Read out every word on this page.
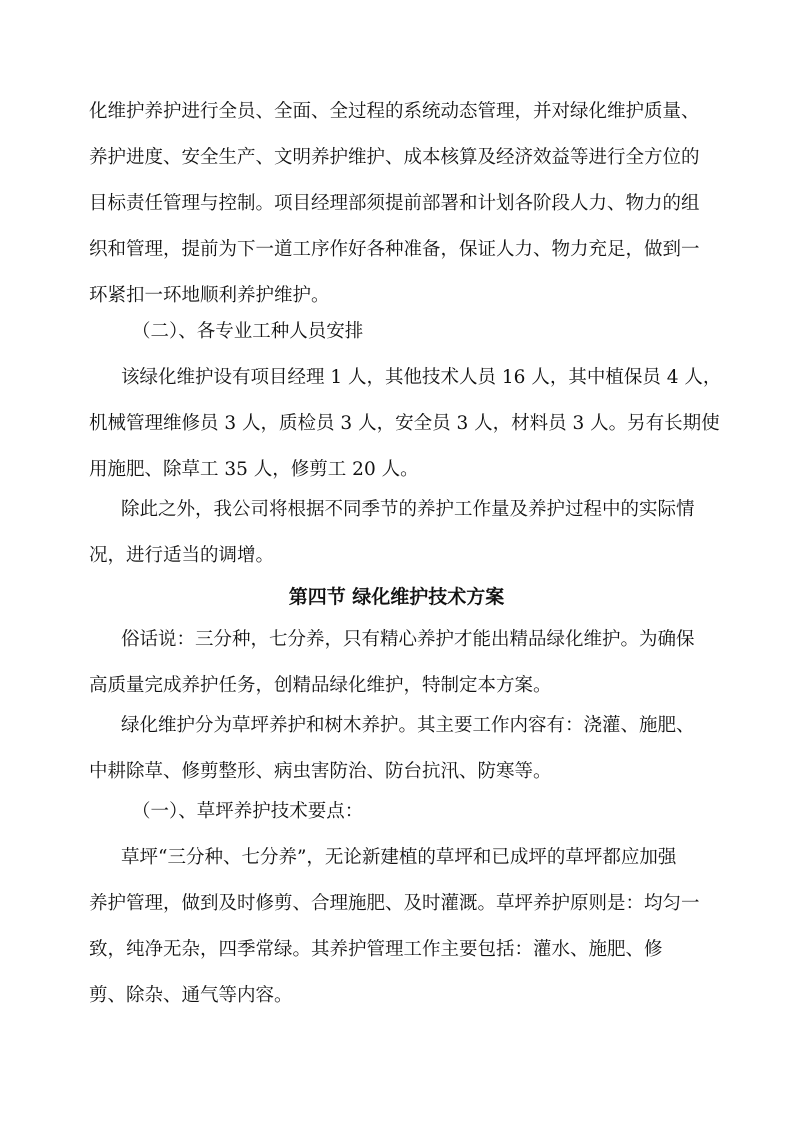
化维护养护进行全员、全面、全过程的系统动态管理，并对绿化维护质量、
养护进度、安全生产、文明养护维护、成本核算及经济效益等进行全方位的
目标责任管理与控制。项目经理部须提前部署和计划各阶段人力、物力的组
织和管理，提前为下一道工序作好各种准备，保证人力、物力充足，做到一
环紧扣一环地顺利养护维护。
（二）、各专业工种人员安排
该绿化维护设有项目经理 1 人，其他技术人员 16 人，其中植保员 4 人，
机械管理维修员 3 人，质检员 3 人，安全员 3 人，材料员 3 人。另有长期使
用施肥、除草工 35 人，修剪工 20 人。
除此之外，我公司将根据不同季节的养护工作量及养护过程中的实际情
况，进行适当的调增。
第四节 绿化维护技术方案
俗话说：三分种，七分养，只有精心养护才能出精品绿化维护。为确保
高质量完成养护任务，创精品绿化维护，特制定本方案。
绿化维护分为草坪养护和树木养护。其主要工作内容有：浇灌、施肥、
中耕除草、修剪整形、病虫害防治、防台抗汛、防寒等。
（一）、草坪养护技术要点：
草坪“三分种、七分养”，无论新建植的草坪和已成坪的草坪都应加强
养护管理，做到及时修剪、合理施肥、及时灌溉。草坪养护原则是：均匀一
致，纯净无杂，四季常绿。其养护管理工作主要包括：灌水、施肥、修
剪、除杂、通气等内容。
